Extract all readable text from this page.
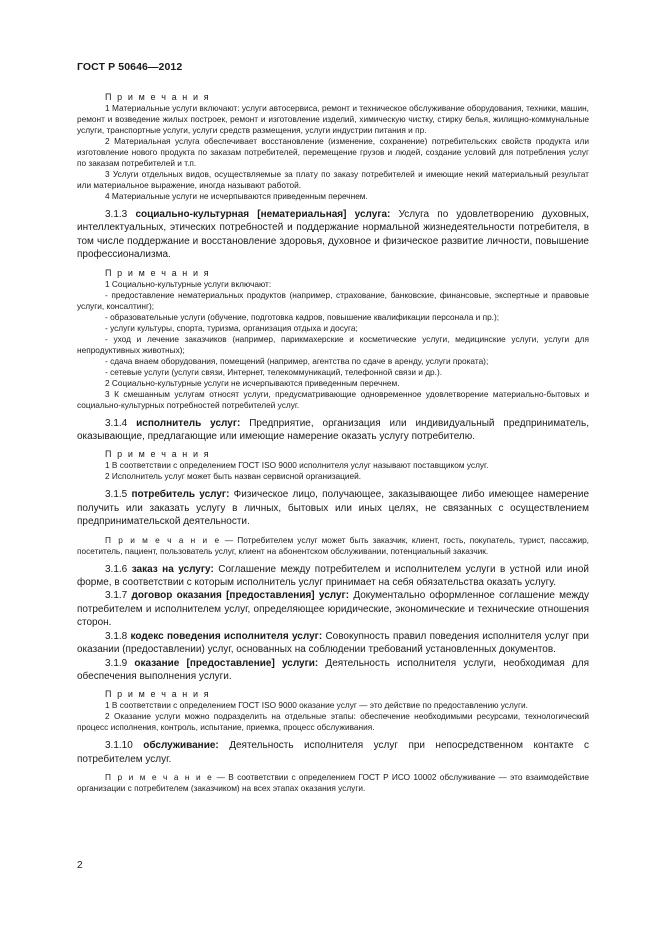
ГОСТ Р 50646—2012

П р и м е ч а н и я

1 Материальные услуги включают: услуги автосервиса, ремонт и техническое обслуживание оборудования, техники, машин, ремонт и возведение жилых построек, ремонт и изготовление изделий, химическую чистку, стирку белья, жилищно-коммунальные услуги, транспортные услуги, услуги средств размещения, услуги индустрии питания и пр.

2 Материальная услуга обеспечивает восстановление (изменение, сохранение) потребительских свойств продукта или изготовление нового продукта по заказам потребителей, перемещение грузов и людей, создание условий для потребления услуг по заказам потребителей и т.п.

3 Услуги отдельных видов, осуществляемые за плату по заказу потребителей и имеющие некий материальный результат или материальное выражение, иногда называют работой.

4 Материальные услуги не исчерпываются приведенным перечнем.

3.1.3 социально-культурная [нематериальная] услуга: Услуга по удовлетворению духовных, интеллектуальных, этических потребностей и поддержание нормальной жизнедеятельности потребителя, в том числе поддержание и восстановление здоровья, духовное и физическое развитие личности, повышение профессионализма.

П р и м е ч а н и я

1 Социально-культурные услуги включают:

- предоставление нематериальных продуктов (например, страхование, банковские, финансовые, экспертные и правовые услуги, консалтинг);

- образовательные услуги (обучение, подготовка кадров, повышение квалификации персонала и пр.);

- услуги культуры, спорта, туризма, организация отдыха и досуга;

- уход и лечение заказчиков (например, парикмахерские и косметические услуги, медицинские услуги, услуги для непродуктивных животных);

- сдача внаем оборудования, помещений (например, агентства по сдаче в аренду, услуги проката);

- сетевые услуги (услуги связи, Интернет, телекоммуникаций, телефонной связи и др.).

2 Социально-культурные услуги не исчерпываются приведенным перечнем.

3 К смешанным услугам относят услуги, предусматривающие одновременное удовлетворение материально-бытовых и социально-культурных потребностей потребителей услуг.

3.1.4 исполнитель услуг: Предприятие, организация или индивидуальный предприниматель, оказывающие, предлагающие или имеющие намерение оказать услугу потребителю.

П р и м е ч а н и я

1 В соответствии с определением ГОСТ ISO 9000 исполнителя услуг называют поставщиком услуг.

2 Исполнитель услуг может быть назван сервисной организацией.

3.1.5 потребитель услуг: Физическое лицо, получающее, заказывающее либо имеющее намерение получить или заказать услугу в личных, бытовых или иных целях, не связанных с осуществлением предпринимательской деятельности.

П р и м е ч а н и е — Потребителем услуг может быть заказчик, клиент, гость, покупатель, турист, пассажир, посетитель, пациент, пользователь услуг, клиент на абонентском обслуживании, потенциальный заказчик.

3.1.6 заказ на услугу: Соглашение между потребителем и исполнителем услуги в устной или иной форме, в соответствии с которым исполнитель услуг принимает на себя обязательства оказать услугу.

3.1.7 договор оказания [предоставления] услуг: Документально оформленное соглашение между потребителем и исполнителем услуг, определяющее юридические, экономические и технические отношения сторон.

3.1.8 кодекс поведения исполнителя услуг: Совокупность правил поведения исполнителя услуг при оказании (предоставлении) услуг, основанных на соблюдении требований установленных документов.

3.1.9 оказание [предоставление] услуги: Деятельность исполнителя услуги, необходимая для обеспечения выполнения услуги.

П р и м е ч а н и я

1 В соответствии с определением ГОСТ ISO 9000 оказание услуг — это действие по предоставлению услуги.

2 Оказание услуги можно подразделить на отдельные этапы: обеспечение необходимыми ресурсами, технологический процесс исполнения, контроль, испытание, приемка, процесс обслуживания.

3.1.10 обслуживание: Деятельность исполнителя услуг при непосредственном контакте с потребителем услуг.

П р и м е ч а н и е — В соответствии с определением ГОСТ Р ИСО 10002 обслуживание — это взаимодействие организации с потребителем (заказчиком) на всех этапах оказания услуги.

2
